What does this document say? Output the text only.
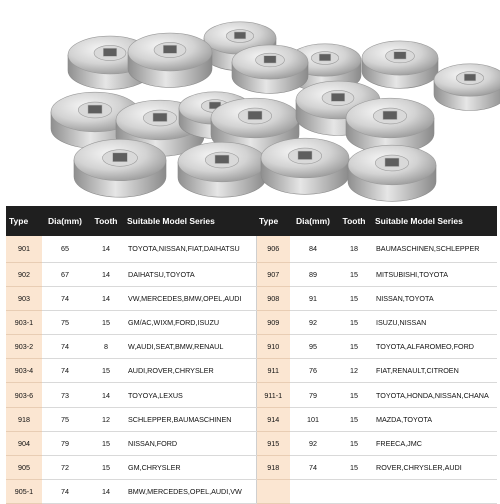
Type	Dia(mm)	Tooth	Suitable Model Series	Type	Dia(mm)	Tooth	Suitable Model Series
901	65	14	TOYOTA,NISSAN,FIAT,DAIHATSU	906	84	18	BAUMASCHINEN,SCHLEPPER
902	67	14	DAIHATSU,TOYOTA	907	89	15	MITSUBISHI,TOYOTA
903	74	14	VW,MERCEDES,BMW,OPEL,AUDI	908	91	15	NISSAN,TOYOTA
903-1	75	15	GM/AC,WIXM,FORD,ISUZU	909	92	15	ISUZU,NISSAN
903-2	74	8	W,AUDI,SEAT,BMW,RENAUL	910	95	15	TOYOTA,ALFAROMEO,FORD
903-4	74	15	AUDI,ROVER,CHRYSLER	911	76	12	FIAT,RENAULT,CITROEN
903-6	73	14	TOYOYA,LEXUS	911-1	79	15	TOYOTA,HONDA,NISSAN,CHANA
918	75	12	SCHLEPPER,BAUMASCHINEN	914	101	15	MAZDA,TOYOTA
904	79	15	NISSAN,FORD	915	92	15	FREECA,JMC
905	72	15	GM,CHRYSLER	918	74	15	ROVER,CHRYSLER,AUDI
905-1	74	14	BMW,MERCEDES,OPEL,AUDI,VW				
